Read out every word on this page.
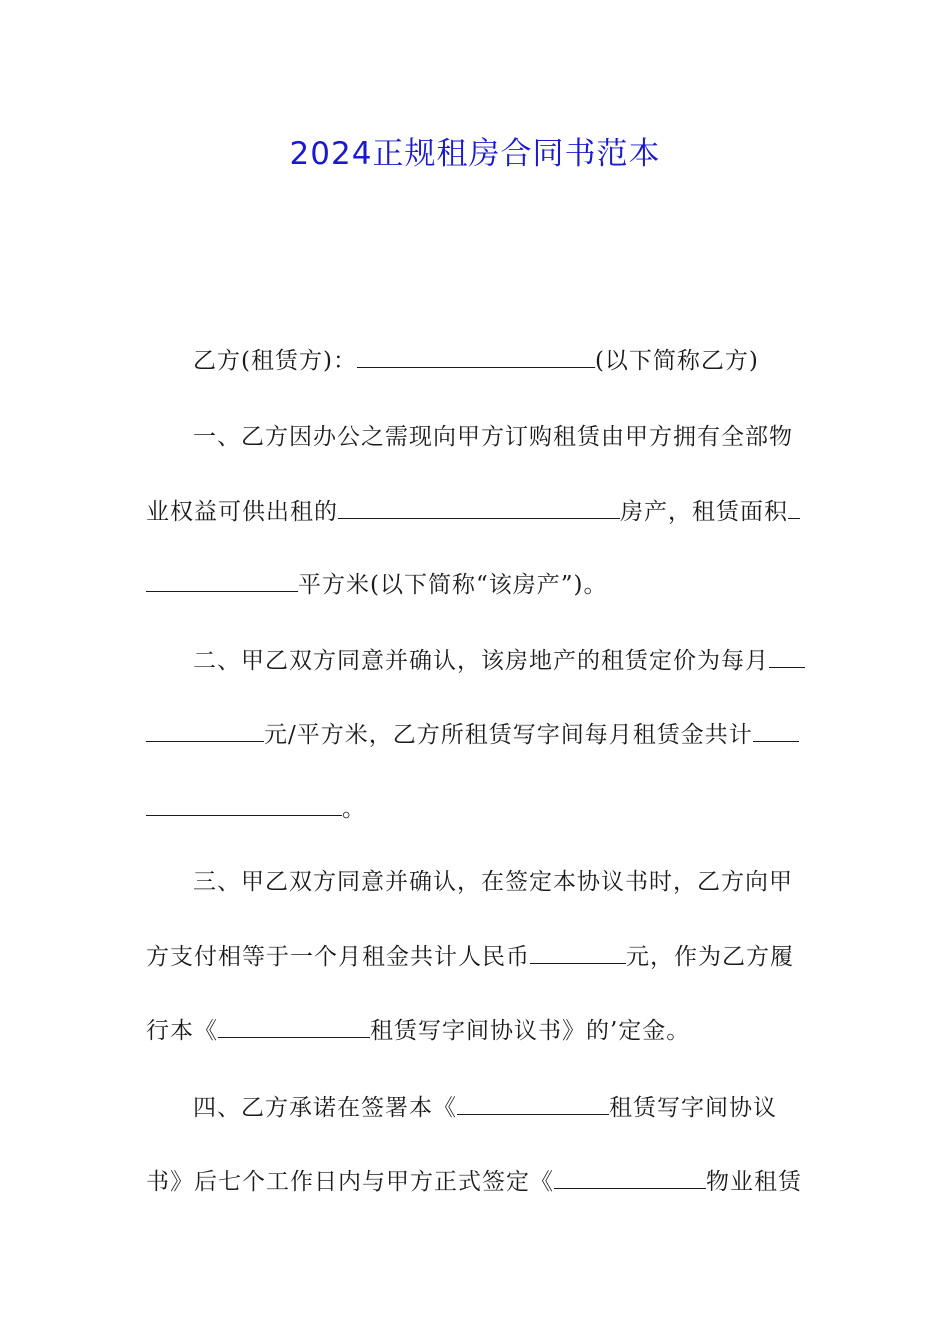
2024正规租房合同书范本
乙方(租赁方)：	(以下简称乙方)
一、乙方因办公之需现向甲方订购租赁由甲方拥有全部物
业权益可供出租的	房产，租赁面积
平方米(以下简称“该房产”)。
二、甲乙双方同意并确认，该房地产的租赁定价为每月
元/平方米，乙方所租赁写字间每月租赁金共计
。
三、甲乙双方同意并确认，在签定本协议书时，乙方向甲
方支付相等于一个月租金共计人民币	元，作为乙方履
行本《	租赁写字间协议书》的’定金。
四、乙方承诺在签署本《	租赁写字间协议
书》后七个工作日内与甲方正式签定《	物业租赁
